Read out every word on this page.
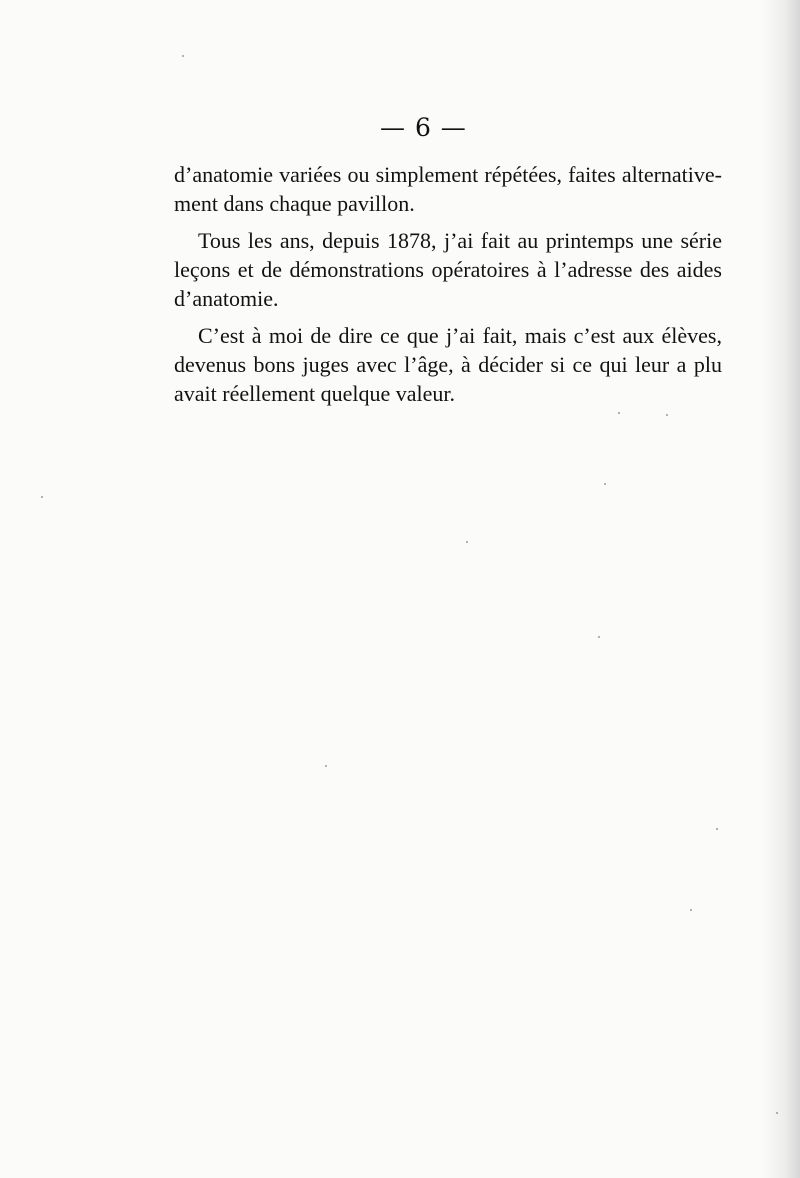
— 6 —
d’anatomie variées ou simplement répétées, faites alternative-
ment dans chaque pavillon.
Tous les ans, depuis 1878, j’ai fait au printemps une série
leçons et de démonstrations opératoires à l’adresse des aides
d’anatomie.
C’est à moi de dire ce que j’ai fait, mais c’est aux élèves,
devenus bons juges avec l’âge, à décider si ce qui leur a plu
avait réellement quelque valeur.
